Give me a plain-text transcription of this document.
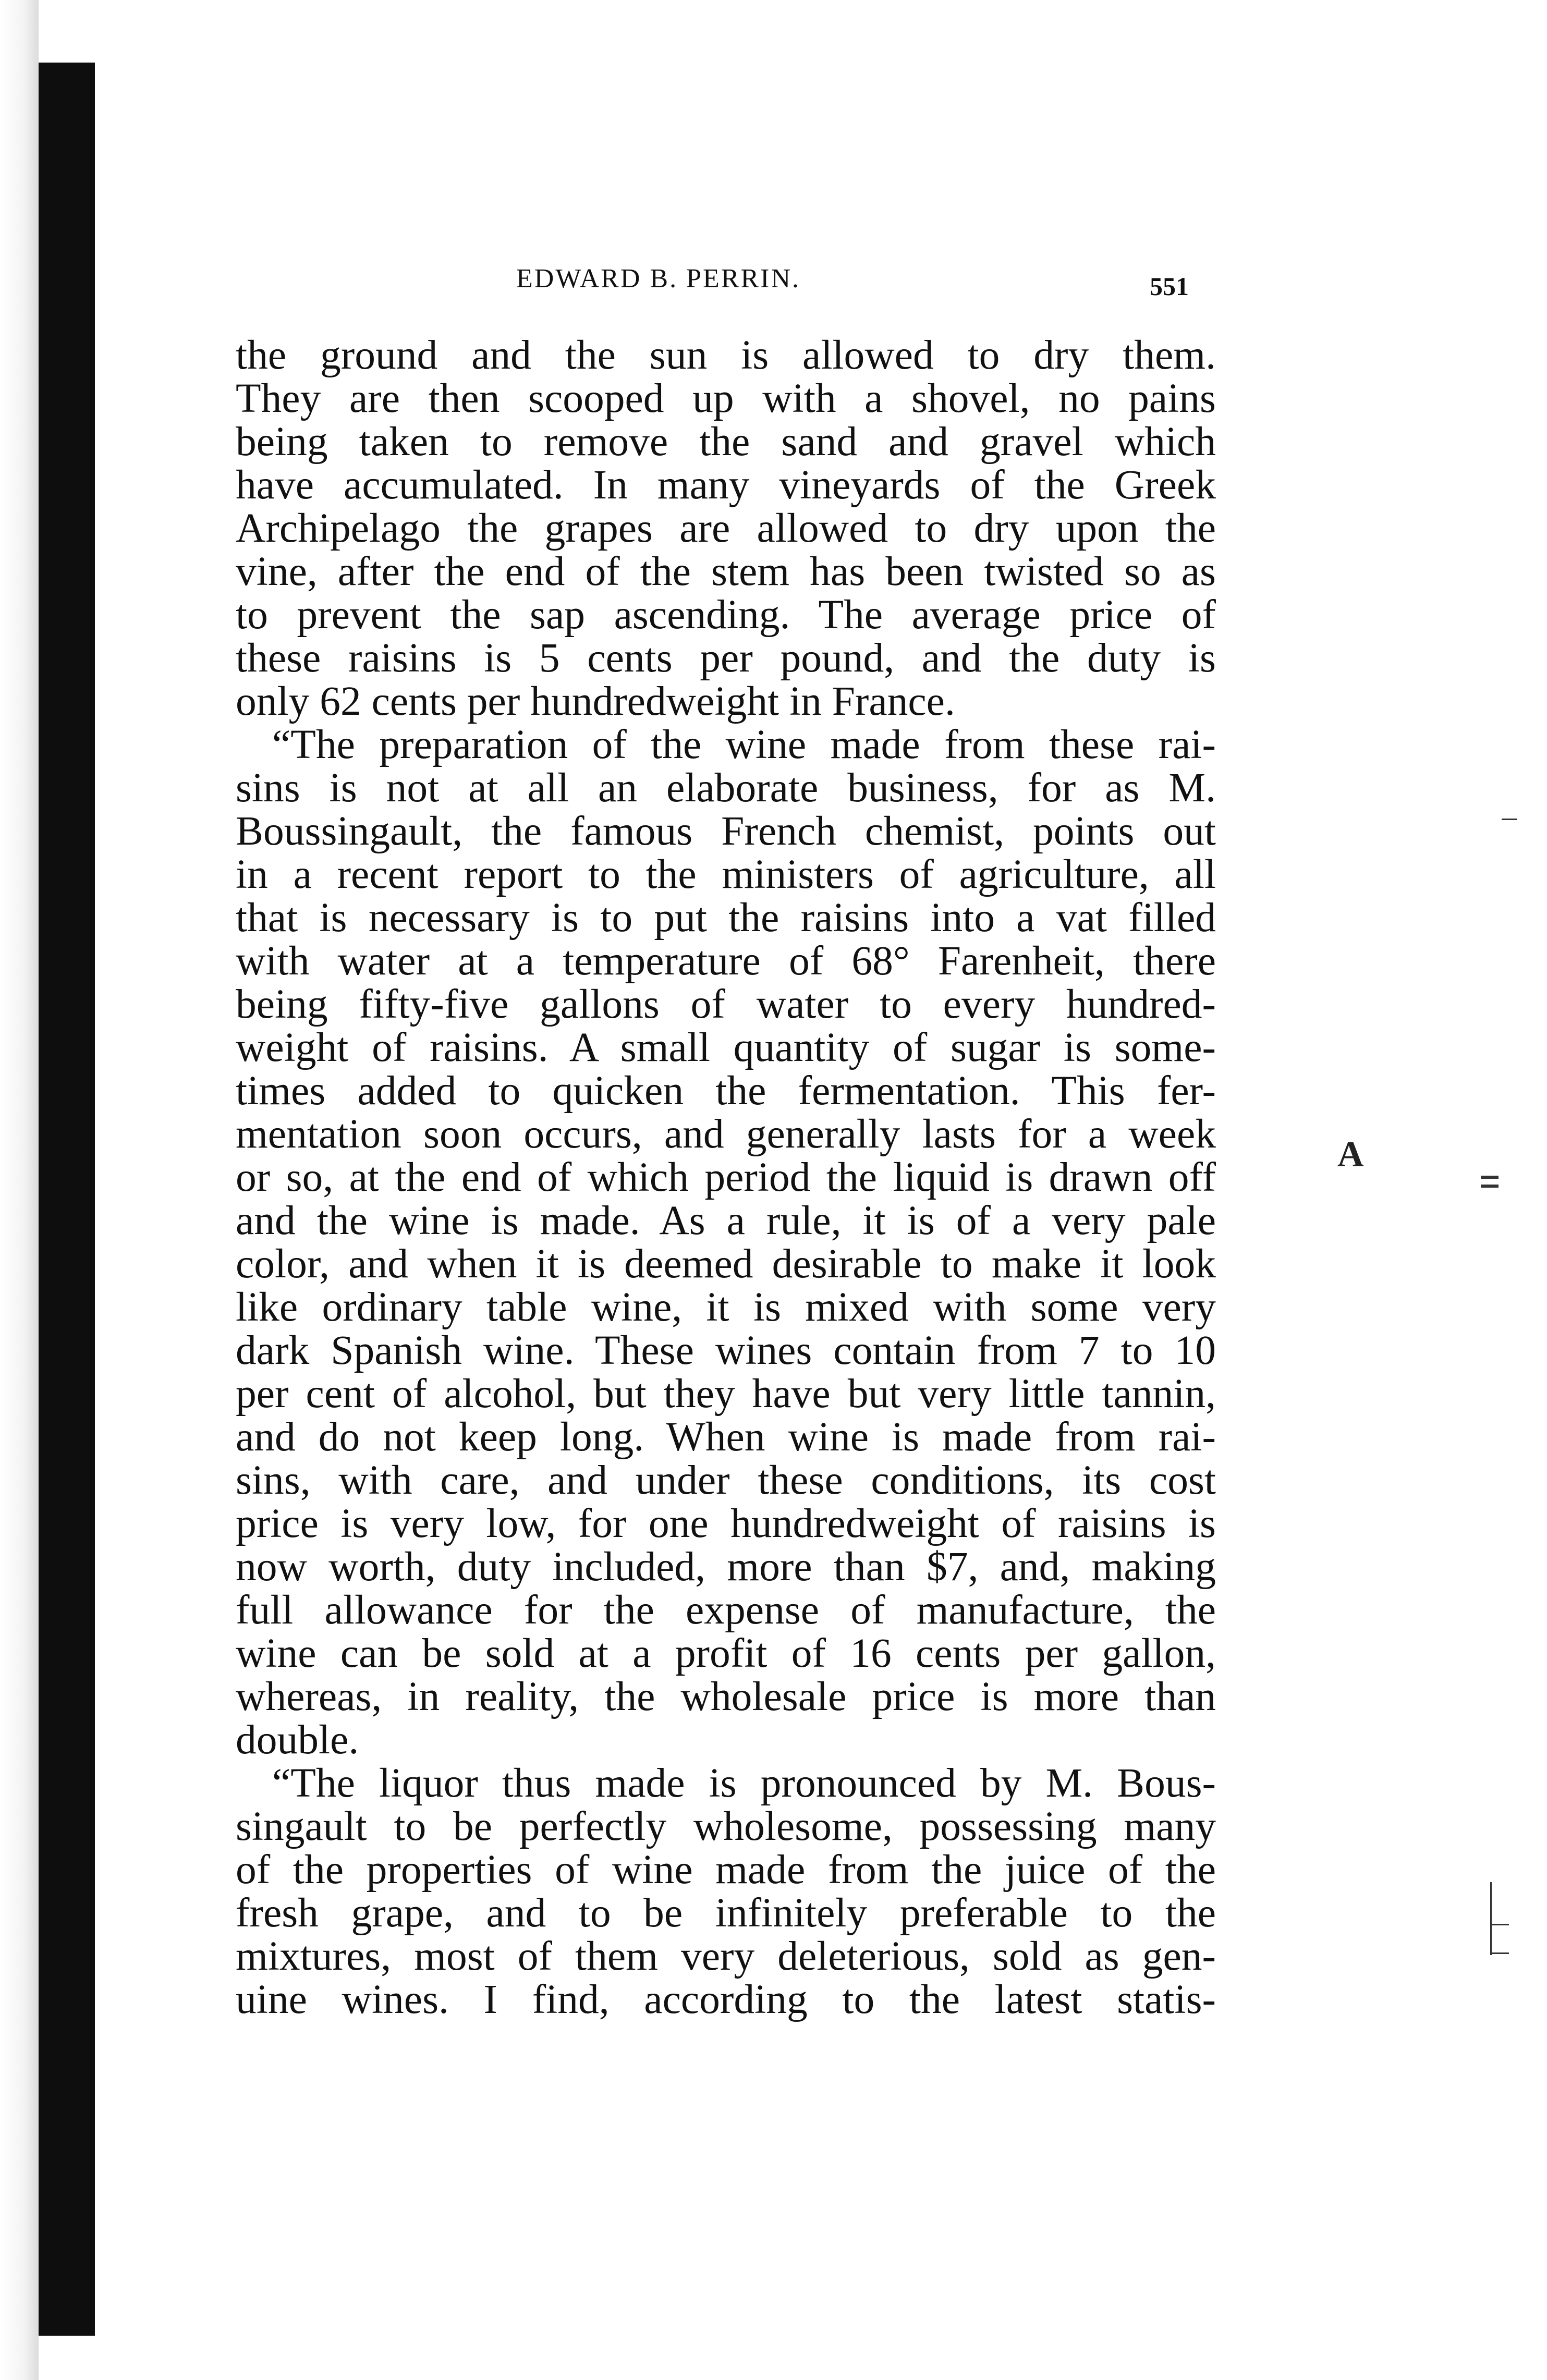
EDWARD B. PERRIN.	551
the ground and the sun is allowed to dry them.
They are then scooped up with a shovel, no pains
being taken to remove the sand and gravel which
have accumulated. In many vineyards of the Greek
Archipelago the grapes are allowed to dry upon the
vine, after the end of the stem has been twisted so as
to prevent the sap ascending. The average price of
these raisins is 5 cents per pound, and the duty is
only 62 cents per hundredweight in France.
“The preparation of the wine made from these rai-
sins is not at all an elaborate business, for as M.
Boussingault, the famous French chemist, points out
in a recent report to the ministers of agriculture, all
that is necessary is to put the raisins into a vat filled
with water at a temperature of 68° Farenheit, there
being fifty-five gallons of water to every hundred-
weight of raisins. A small quantity of sugar is some-
times added to quicken the fermentation. This fer-
mentation soon occurs, and generally lasts for a week
or so, at the end of which period the liquid is drawn off
and the wine is made. As a rule, it is of a very pale
color, and when it is deemed desirable to make it look
like ordinary table wine, it is mixed with some very
dark Spanish wine. These wines contain from 7 to 10
per cent of alcohol, but they have but very little tannin,
and do not keep long. When wine is made from rai-
sins, with care, and under these conditions, its cost
price is very low, for one hundredweight of raisins is
now worth, duty included, more than $7, and, making
full allowance for the expense of manufacture, the
wine can be sold at a profit of 16 cents per gallon,
whereas, in reality, the wholesale price is more than
double.
“The liquor thus made is pronounced by M. Bous-
singault to be perfectly wholesome, possessing many
of the properties of wine made from the juice of the
fresh grape, and to be infinitely preferable to the
mixtures, most of them very deleterious, sold as gen-
uine wines. I find, according to the latest statis-
A
